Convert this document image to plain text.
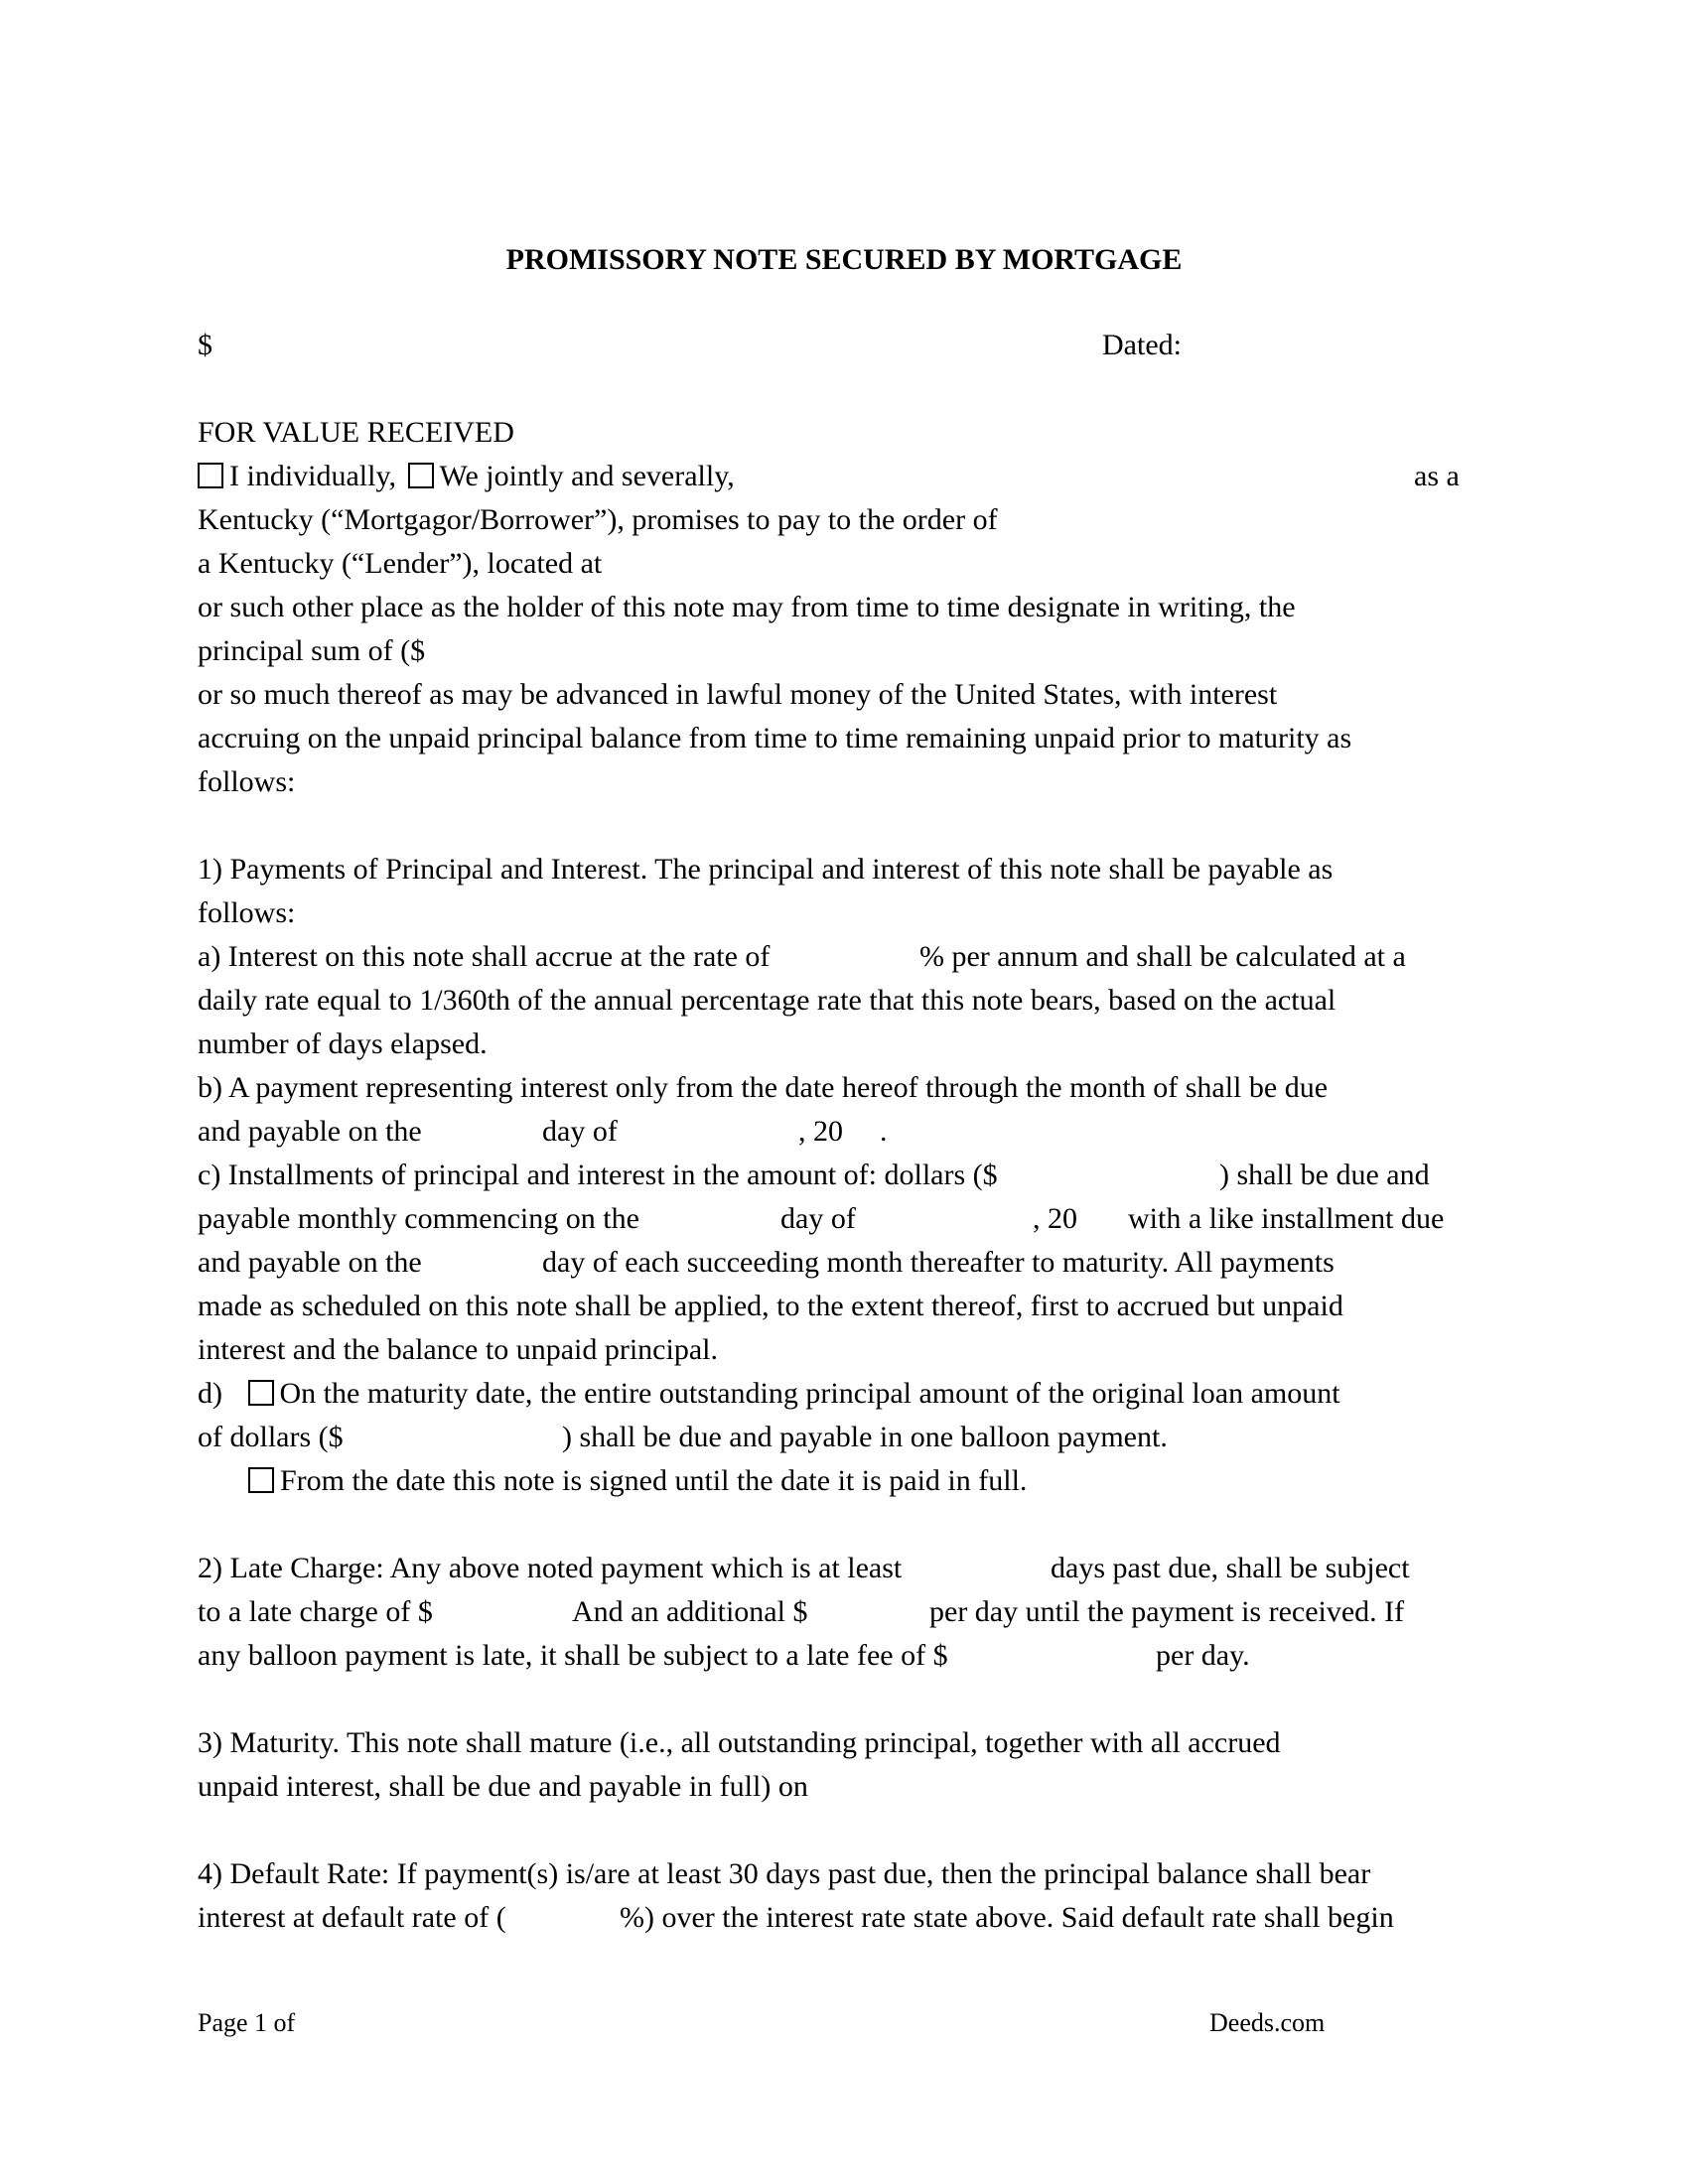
PROMISSORY NOTE SECURED BY MORTGAGE
$	Dated:
FOR VALUE RECEIVED
I individually, We jointly and severally,	as a
Kentucky (“Mortgagor/Borrower”), promises to pay to the order of
a Kentucky (“Lender”), located at
or such other place as the holder of this note may from time to time designate in writing, the
principal sum of ($
or so much thereof as may be advanced in lawful money of the United States, with interest
accruing on the unpaid principal balance from time to time remaining unpaid prior to maturity as
follows:
1) Payments of Principal and Interest. The principal and interest of this note shall be payable as
follows:
a) Interest on this note shall accrue at the rate of	% per annum and shall be calculated at a
daily rate equal to 1/360th of the annual percentage rate that this note bears, based on the actual
number of days elapsed.
b) A payment representing interest only from the date hereof through the month of shall be due
and payable on the	day of	, 20 .
c) Installments of principal and interest in the amount of: dollars ($	) shall be due and
payable monthly commencing on the	day of	, 20 with a like installment due
and payable on the	day of each succeeding month thereafter to maturity. All payments
made as scheduled on this note shall be applied, to the extent thereof, first to accrued but unpaid
interest and the balance to unpaid principal.
d) On the maturity date, the entire outstanding principal amount of the original loan amount
of dollars ($	) shall be due and payable in one balloon payment.
From the date this note is signed until the date it is paid in full.
2) Late Charge: Any above noted payment which is at least	days past due, shall be subject
to a late charge of $	And an additional $	per day until the payment is received. If
any balloon payment is late, it shall be subject to a late fee of $	per day.
3) Maturity. This note shall mature (i.e., all outstanding principal, together with all accrued
unpaid interest, shall be due and payable in full) on
4) Default Rate: If payment(s) is/are at least 30 days past due, then the principal balance shall bear
interest at default rate of (	%) over the interest rate state above. Said default rate shall begin
Page 1 of	Deeds.com
